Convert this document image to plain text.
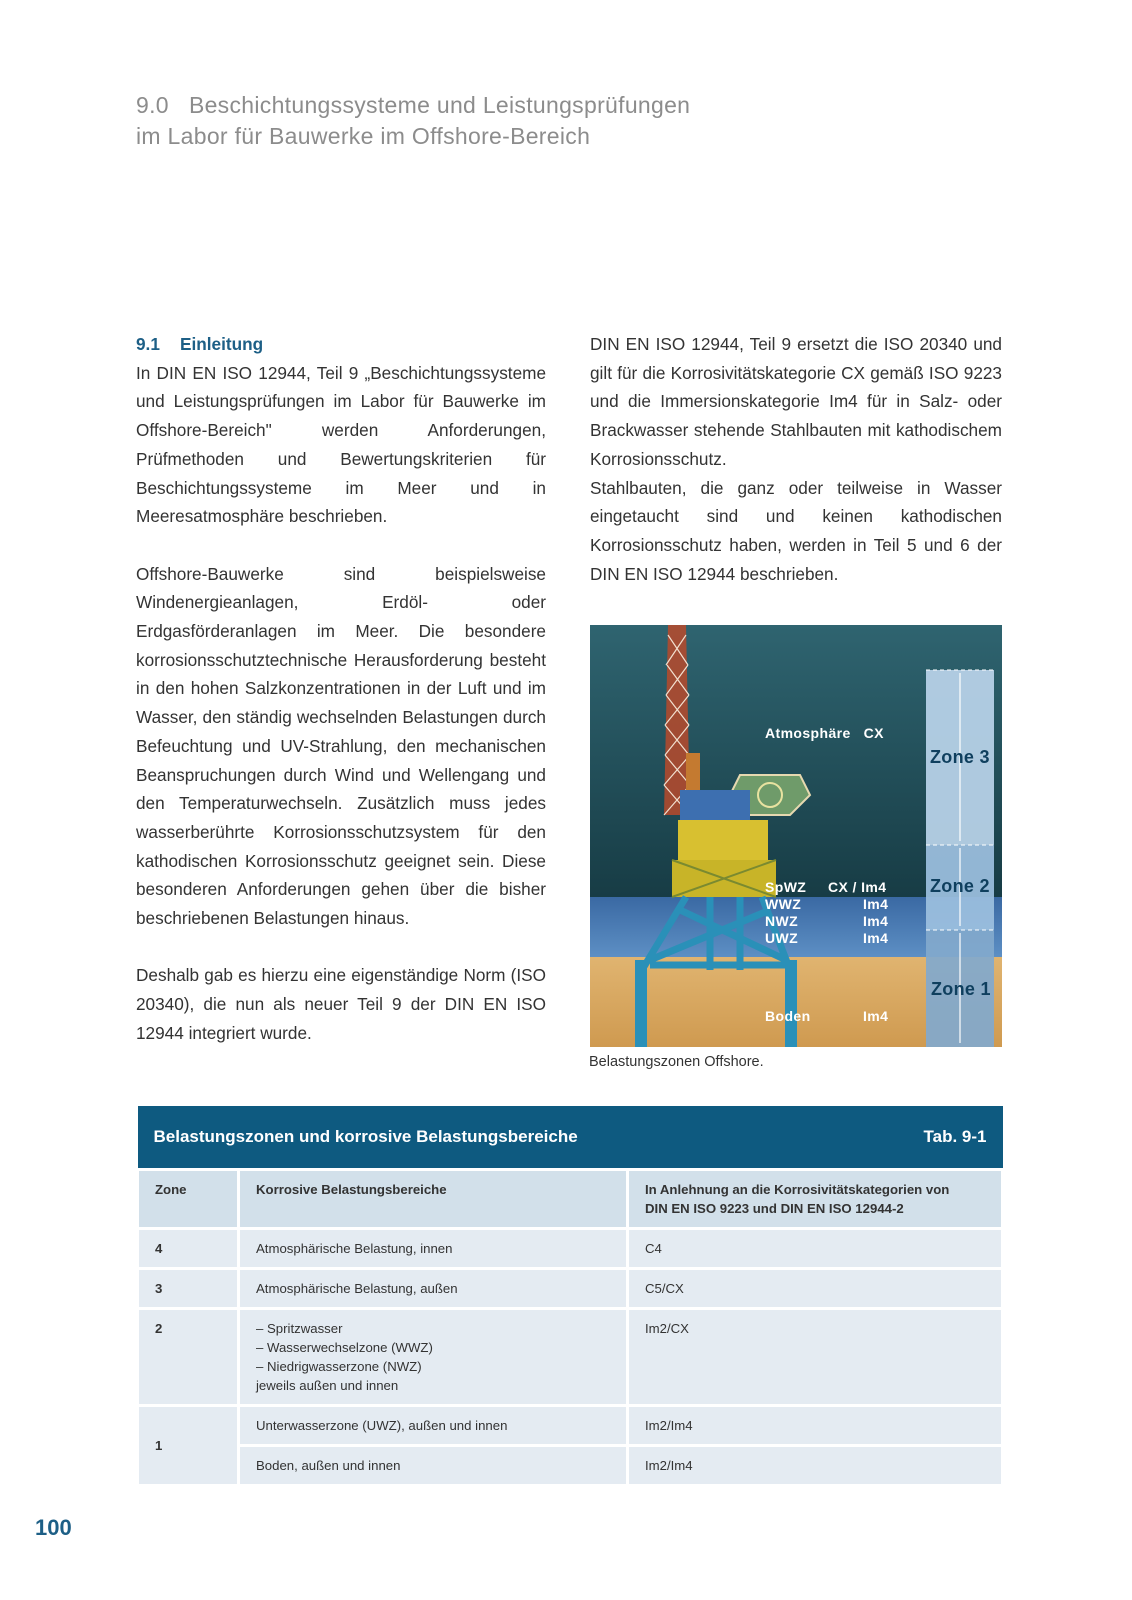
9.0 Beschichtungssysteme und Leistungsprüfungen
im Labor für Bauwerke im Offshore-Bereich
9.1 Einleitung

In DIN EN ISO 12944, Teil 9 „Beschichtungssysteme und Leistungsprüfungen im Labor für Bauwerke im Offshore-Bereich" werden Anforderungen, Prüfmethoden und Bewertungskriterien für Beschichtungssysteme im Meer und in Meeresatmosphäre beschrieben.

Offshore-Bauwerke sind beispielsweise Windenergieanlagen, Erdöl- oder Erdgasförderanlagen im Meer. Die besondere korrosionsschutztechnische Herausforderung besteht in den hohen Salzkonzentrationen in der Luft und im Wasser, den ständig wechselnden Belastungen durch Befeuchtung und UV-Strahlung, den mechanischen Beanspruchungen durch Wind und Wellengang und den Temperaturwechseln. Zusätzlich muss jedes wasserberührte Korrosionsschutzsystem für den kathodischen Korrosionsschutz geeignet sein. Diese besonderen Anforderungen gehen über die bisher beschriebenen Belastungen hinaus.

Deshalb gab es hierzu eine eigenständige Norm (ISO 20340), die nun als neuer Teil 9 der DIN EN ISO 12944 integriert wurde.

DIN EN ISO 12944, Teil 9 ersetzt die ISO 20340 und gilt für die Korrosivitätskategorie CX gemäß ISO 9223 und die Immersionskategorie Im4 für in Salz- oder Brackwasser stehende Stahlbauten mit kathodischem Korrosionsschutz.

Stahlbauten, die ganz oder teilweise in Wasser eingetaucht sind und keinen kathodischen Korrosionsschutz haben, werden in Teil 5 und 6 der DIN EN ISO 12944 beschrieben.

Atmosphäre CX
SpWZ CX / Im4
WWZ	Im4
NWZ	Im4
UWZ	Im4
Boden	Im4
Zone 3
Zone 2
Zone 1
Belastungszonen Offshore.
Belastungszonen und korrosive Belastungsbereiche Tab. 9-1		

Zone	Korrosive Belastungsbereiche	In Anlehnung an die Korrosivitätskategorien von
DIN EN ISO 9223 und DIN EN ISO 12944-2

4	Atmosphärische Belastung, innen	C4
3	Atmosphärische Belastung, außen	C5/CX
2	– Spritzwasser
– Wasserwechselzone (WWZ)
– Niedrigwasserzone (NWZ)
jeweils außen und innen	Im2/CX
1	Unterwasserzone (UWZ), außen und innen	Im2/Im4
	Boden, außen und innen	Im2/Im4
100
